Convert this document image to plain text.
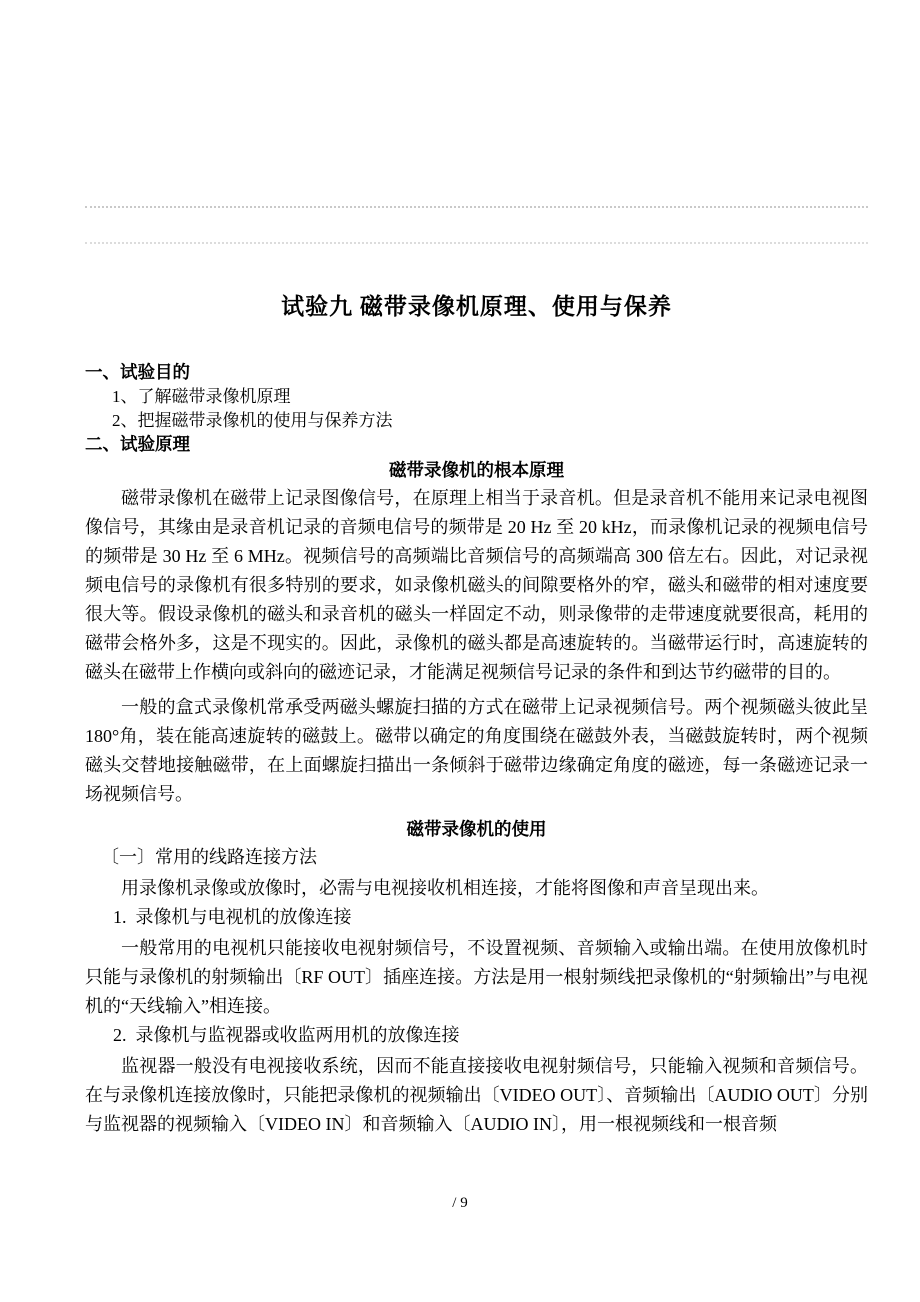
试验九 磁带录像机原理、使用与保养

一、试验目的

1、了解磁带录像机原理

2、把握磁带录像机的使用与保养方法

二、试验原理

磁带录像机的根本原理

磁带录像机在磁带上记录图像信号，在原理上相当于录音机。但是录音机不能用来记录电视图像信号，其缘由是录音机记录的音频电信号的频带是 20 Hz 至 20 kHz，而录像机记录的视频电信号的频带是 30 Hz 至 6 MHz。视频信号的高频端比音频信号的高频端高 300 倍左右。因此，对记录视频电信号的录像机有很多特别的要求，如录像机磁头的间隙要格外的窄，磁头和磁带的相对速度要很大等。假设录像机的磁头和录音机的磁头一样固定不动，则录像带的走带速度就要很高，耗用的磁带会格外多，这是不现实的。因此，录像机的磁头都是高速旋转的。当磁带运行时，高速旋转的磁头在磁带上作横向或斜向的磁迹记录，才能满足视频信号记录的条件和到达节约磁带的目的。

一般的盒式录像机常承受两磁头螺旋扫描的方式在磁带上记录视频信号。两个视频磁头彼此呈 180°角，装在能高速旋转的磁鼓上。磁带以确定的角度围绕在磁鼓外表，当磁鼓旋转时，两个视频磁头交替地接触磁带，在上面螺旋扫描出一条倾斜于磁带边缘确定角度的磁迹，每一条磁迹记录一场视频信号。

磁带录像机的使用

〔一〕常用的线路连接方法

用录像机录像或放像时，必需与电视接收机相连接，才能将图像和声音呈现出来。

1.  录像机与电视机的放像连接

一般常用的电视机只能接收电视射频信号，不设置视频、音频输入或输出端。在使用放像机时只能与录像机的射频输出〔RF OUT〕插座连接。方法是用一根射频线把录像机的“射频输出”与电视机的“天线输入”相连接。

2.  录像机与监视器或收监两用机的放像连接

监视器一般没有电视接收系统，因而不能直接接收电视射频信号，只能输入视频和音频信号。在与录像机连接放像时，只能把录像机的视频输出〔VIDEO OUT〕、音频输出〔AUDIO OUT〕分别与监视器的视频输入〔VIDEO IN〕和音频输入〔AUDIO IN〕，用一根视频线和一根音频

/ 9
